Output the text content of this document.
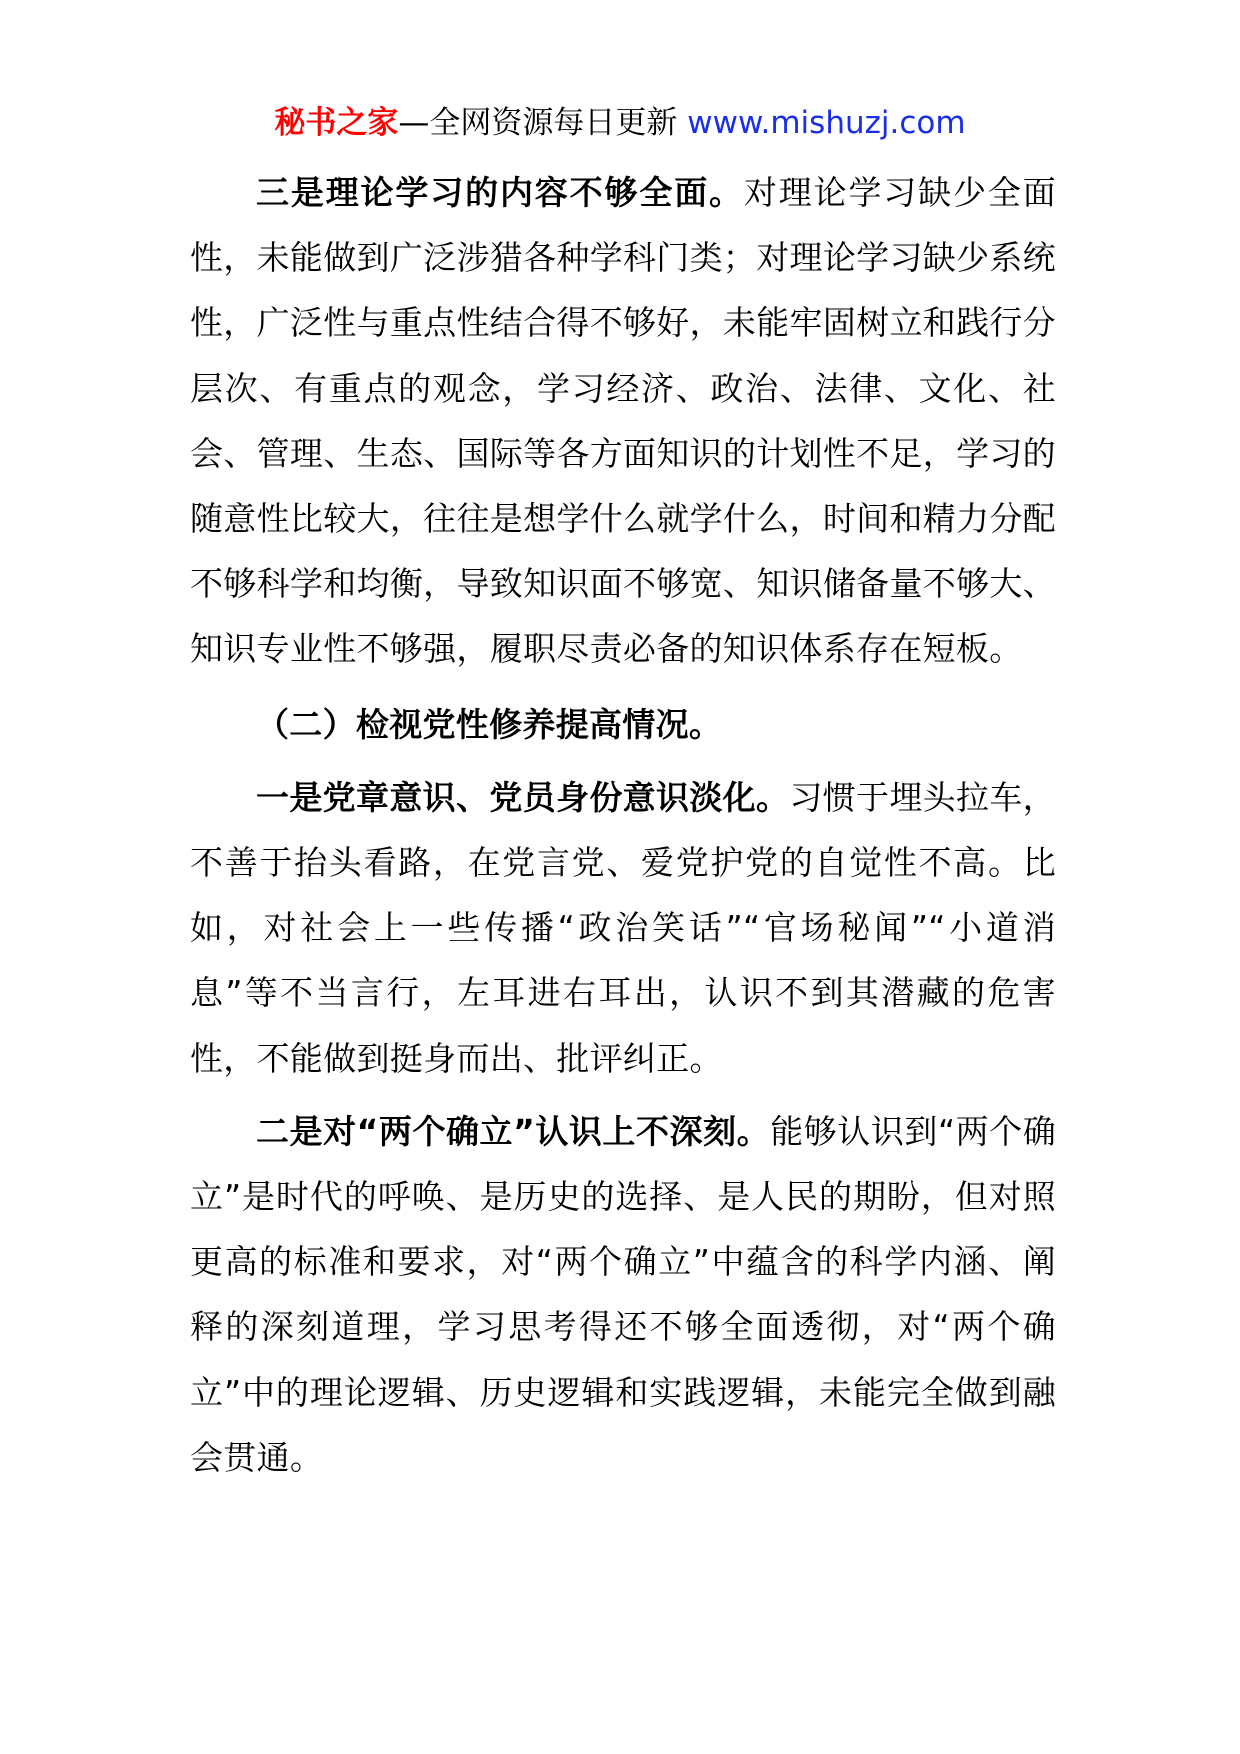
秘书之家—全网资源每日更新 www.mishuzj.com

三是理论学习的内容不够全面。对理论学习缺少全面性，未能做到广泛涉猎各种学科门类；对理论学习缺少系统性，广泛性与重点性结合得不够好，未能牢固树立和践行分层次、有重点的观念，学习经济、政治、法律、文化、社会、管理、生态、国际等各方面知识的计划性不足，学习的随意性比较大，往往是想学什么就学什么，时间和精力分配不够科学和均衡，导致知识面不够宽、知识储备量不够大、知识专业性不够强，履职尽责必备的知识体系存在短板。

（二）检视党性修养提高情况。

一是党章意识、党员身份意识淡化。习惯于埋头拉车，不善于抬头看路，在党言党、爱党护党的自觉性不高。比如，对社会上一些传播“政治笑话”“官场秘闻”“小道消息”等不当言行，左耳进右耳出，认识不到其潜藏的危害性，不能做到挺身而出、批评纠正。

二是对“两个确立”认识上不深刻。能够认识到“两个确立”是时代的呼唤、是历史的选择、是人民的期盼，但对照更高的标准和要求，对“两个确立”中蕴含的科学内涵、阐释的深刻道理，学习思考得还不够全面透彻，对“两个确立”中的理论逻辑、历史逻辑和实践逻辑，未能完全做到融会贯通。
